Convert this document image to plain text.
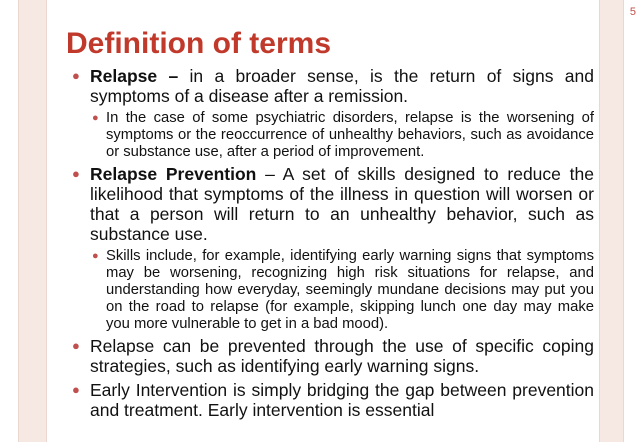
5
Definition of terms

● Relapse – in a broader sense, is the return of signs and symptoms of a disease after a remission.

● In the case of some psychiatric disorders, relapse is the worsening of symptoms or the reoccurrence of unhealthy behaviors, such as avoidance or substance use, after a period of improvement.

● Relapse Prevention – A set of skills designed to reduce the likelihood that symptoms of the illness in question will worsen or that a person will return to an unhealthy behavior, such as substance use.

● Skills include, for example, identifying early warning signs that symptoms may be worsening, recognizing high risk situations for relapse, and understanding how everyday, seemingly mundane decisions may put you on the road to relapse (for example, skipping lunch one day may make you more vulnerable to get in a bad mood).

● Relapse can be prevented through the use of specific coping strategies, such as identifying early warning signs.

● Early Intervention is simply bridging the gap between prevention and treatment. Early intervention is essential
